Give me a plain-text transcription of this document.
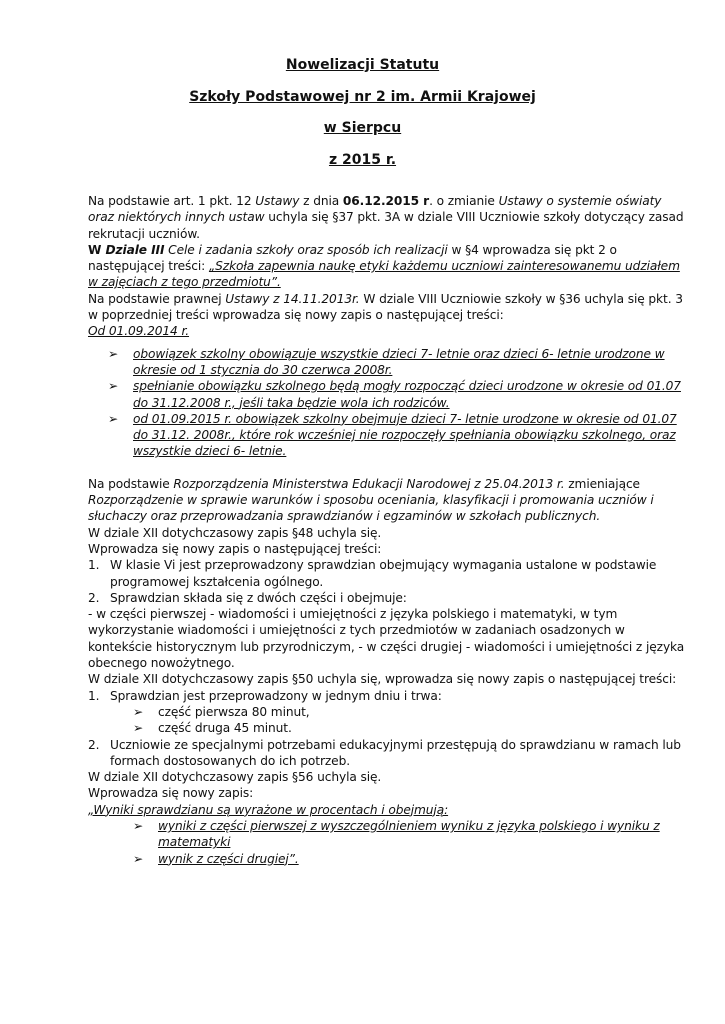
Nowelizacji Statutu
Szkoły Podstawowej nr 2 im. Armii Krajowej
w Sierpcu
z 2015 r.

Na podstawie art. 1 pkt. 12 Ustawy z dnia 06.12.2015 r. o zmianie Ustawy o systemie oświaty oraz niektórych innych ustaw uchyla się §37 pkt. 3A w dziale VIII Uczniowie szkoły dotyczący zasad rekrutacji uczniów.

W Dziale III Cele i zadania szkoły oraz sposób ich realizacji w §4 wprowadza się pkt 2 o następującej treści: „Szkoła zapewnia naukę etyki każdemu uczniowi zainteresowanemu udziałem w zajęciach z tego przedmiotu”.

Na podstawie prawnej Ustawy z 14.11.2013r. W dziale VIII Uczniowie szkoły w §36 uchyla się pkt. 3 w poprzedniej treści wprowadza się nowy zapis o następującej treści:
Od 01.09.2014 r.

➢ obowiązek szkolny obowiązuje wszystkie dzieci 7- letnie oraz dzieci 6- letnie urodzone w okresie od 1 stycznia do 30 czerwca 2008r.
➢ spełnianie obowiązku szkolnego będą mogły rozpocząć dzieci urodzone w okresie od 01.07 do 31.12.2008 r., jeśli taka będzie wola ich rodziców.
➢ od 01.09.2015 r. obowiązek szkolny obejmuje dzieci 7- letnie urodzone w okresie od 01.07 do 31.12. 2008r., które rok wcześniej nie rozpoczęły spełniania obowiązku szkolnego, oraz wszystkie dzieci 6- letnie.

Na podstawie Rozporządzenia Ministerstwa Edukacji Narodowej z 25.04.2013 r. zmieniające Rozporządzenie w sprawie warunków i sposobu oceniania, klasyfikacji i promowania uczniów i słuchaczy oraz przeprowadzania sprawdzianów i egzaminów w szkołach publicznych.

W dziale XII dotychczasowy zapis §48 uchyla się.

Wprowadza się nowy zapis o następującej treści:

1. W klasie Vi jest przeprowadzony sprawdzian obejmujący wymagania ustalone w podstawie programowej kształcenia ogólnego.
2. Sprawdzian składa się z dwóch części i obejmuje:

- w części pierwszej - wiadomości i umiejętności z języka polskiego i matematyki, w tym wykorzystanie wiadomości i umiejętności z tych przedmiotów w zadaniach osadzonych w kontekście historycznym lub przyrodniczym, - w części drugiej - wiadomości i umiejętności z języka obecnego nowożytnego.

W dziale XII dotychczasowy zapis §50 uchyla się, wprowadza się nowy zapis o następującej treści:

1. Sprawdzian jest przeprowadzony w jednym dniu i trwa:
➢ część pierwsza 80 minut,
➢ część druga 45 minut.
2. Uczniowie ze specjalnymi potrzebami edukacyjnymi przestępują do sprawdzianu w ramach lub formach dostosowanych do ich potrzeb.

W dziale XII dotychczasowy zapis §56 uchyla się.

Wprowadza się nowy zapis:

„Wyniki sprawdzianu są wyrażone w procentach i obejmują:

➢ wyniki z części pierwszej z wyszczególnieniem wyniku z języka polskiego i wyniku z matematyki
➢ wynik z części drugiej”.
